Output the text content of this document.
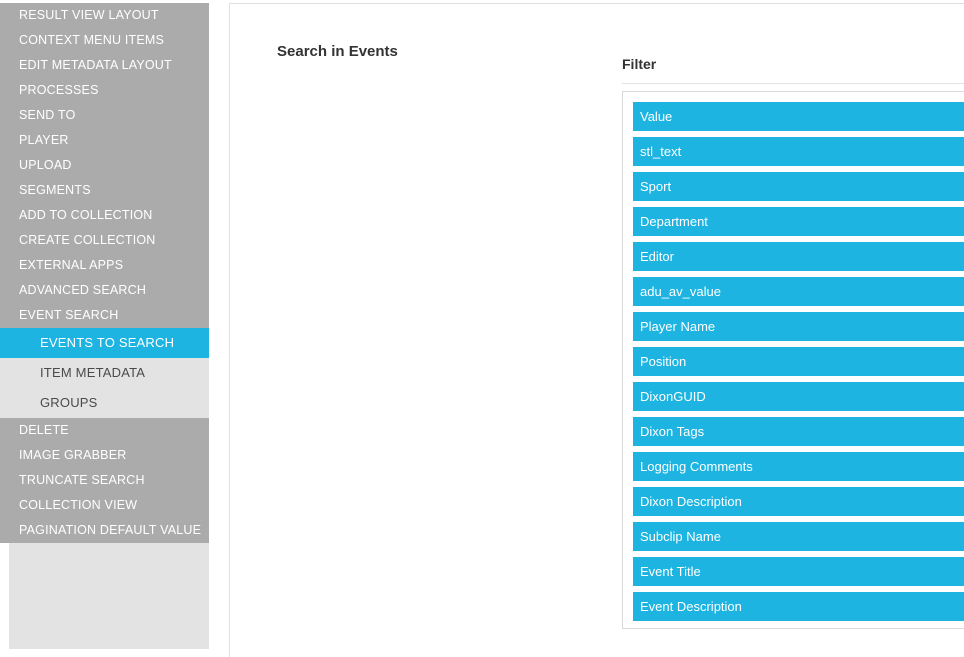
RESULT VIEW LAYOUT
CONTEXT MENU ITEMS
EDIT METADATA LAYOUT
PROCESSES
SEND TO
PLAYER
UPLOAD
SEGMENTS
ADD TO COLLECTION
CREATE COLLECTION
EXTERNAL APPS
ADVANCED SEARCH
EVENT SEARCH
EVENTS TO SEARCH
ITEM METADATA
GROUPS
DELETE
IMAGE GRABBER
TRUNCATE SEARCH
COLLECTION VIEW
PAGINATION DEFAULT VALUE
Search in Events
Filter
Value
stl_text
Sport
Department
Editor
adu_av_value
Player Name
Position
DixonGUID
Dixon Tags
Logging Comments
Dixon Description
Subclip Name
Event Title
Event Description
